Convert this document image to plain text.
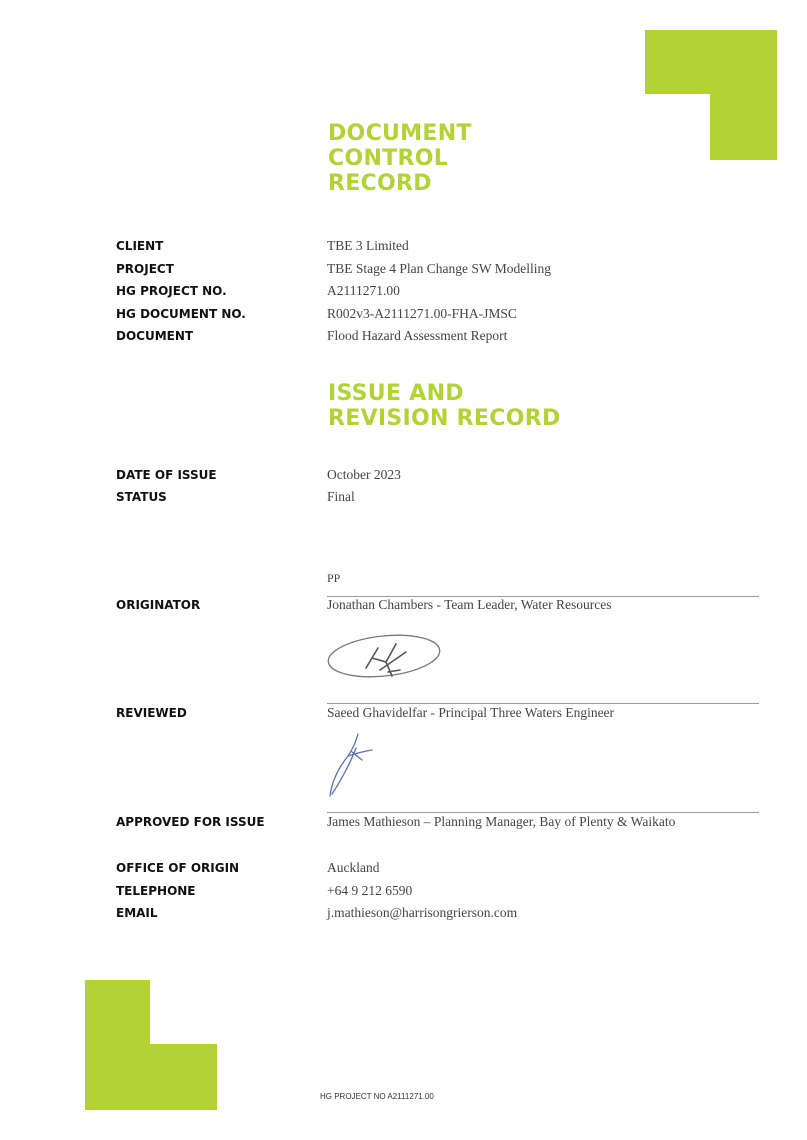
DOCUMENT
CONTROL
RECORD
CLIENT	TBE 3 Limited
PROJECT	TBE Stage 4 Plan Change SW Modelling
HG PROJECT NO.	A2111271.00
HG DOCUMENT NO.	R002v3-A2111271.00-FHA-JMSC
DOCUMENT	Flood Hazard Assessment Report
ISSUE AND
REVISION RECORD
DATE OF ISSUE	October 2023
STATUS	Final
PP
ORIGINATOR	Jonathan Chambers - Team Leader, Water Resources
REVIEWED	Saeed Ghavidelfar - Principal Three Waters Engineer
APPROVED FOR ISSUE	James Mathieson – Planning Manager, Bay of Plenty & Waikato
OFFICE OF ORIGIN	Auckland
TELEPHONE	+64 9 212 6590
EMAIL	j.mathieson@harrisongrierson.com
HG PROJECT NO A2111271.00
